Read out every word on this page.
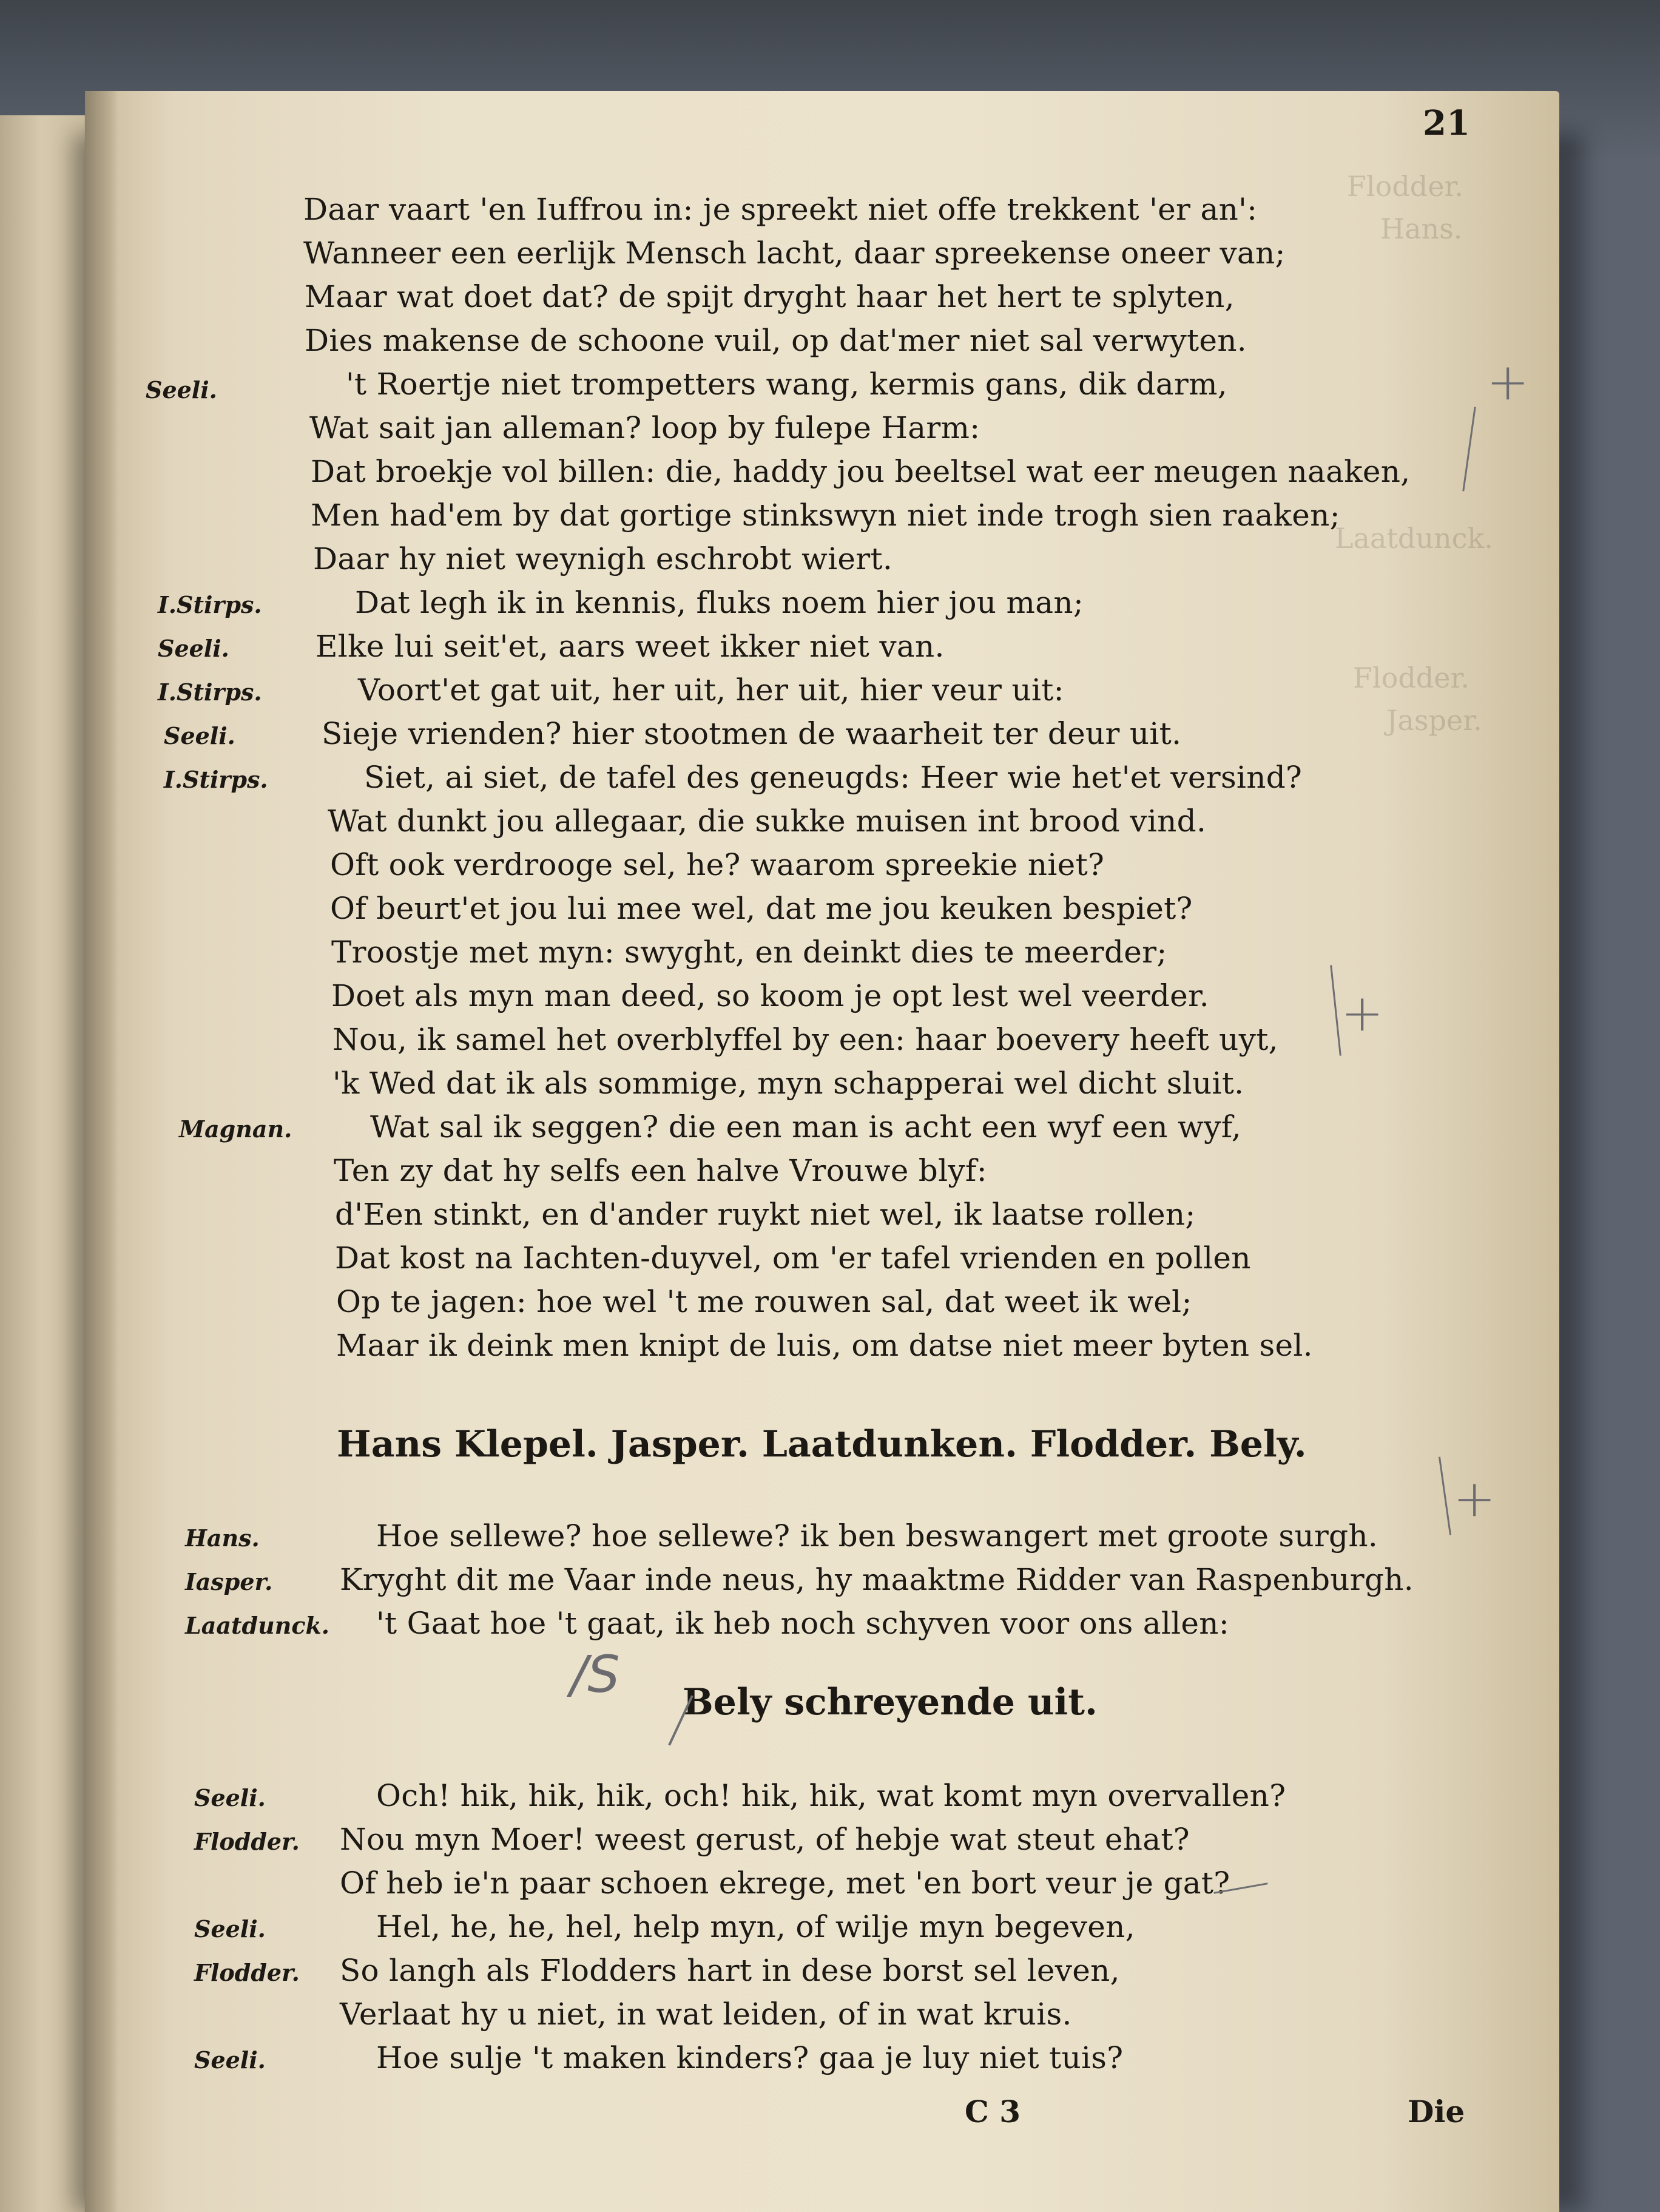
Flodder.
Hans.
Laatdunck.
Flodder.
Jasper.
21
Daar vaart 'en Iuffrou in: je spreekt niet offe trekkent 'er an':
Wanneer een eerlijk Mensch lacht, daar spreekense oneer van;
Maar wat doet dat? de spijt dryght haar het hert te splyten,
Dies makense de schoone vuil, op dat'mer niet sal verwyten.
Seeli.	't Roertje niet trompetters wang, kermis gans, dik darm,
Wat sait jan alleman? loop by fulepe Harm:
Dat broekje vol billen: die, haddy jou beeltsel wat eer meugen naaken,
Men had'em by dat gortige stinkswyn niet inde trogh sien raaken;
Daar hy niet weynigh eschrobt wiert.
I.Stirps.	Dat legh ik in kennis, fluks noem hier jou man;
Seeli.	Elke lui seit'et, aars weet ikker niet van.
I.Stirps.	Voort'et gat uit, her uit, her uit, hier veur uit:
Seeli.	Sieje vrienden? hier stootmen de waarheit ter deur uit.
I.Stirps.	Siet, ai siet, de tafel des geneugds: Heer wie het'et versind?
Wat dunkt jou allegaar, die sukke muisen int brood vind.
Oft ook verdrooge sel, he? waarom spreekie niet?
Of beurt'et jou lui mee wel, dat me jou keuken bespiet?
Troostje met myn: swyght, en deinkt dies te meerder;
Doet als myn man deed, so koom je opt lest wel veerder.
Nou, ik samel het overblyffel by een: haar boevery heeft uyt,
'k Wed dat ik als sommige, myn schapperai wel dicht sluit.
Magnan.	Wat sal ik seggen? die een man is acht een wyf een wyf,
Ten zy dat hy selfs een halve Vrouwe blyf:
d'Een stinkt, en d'ander ruykt niet wel, ik laatse rollen;
Dat kost na Iachten-duyvel, om 'er tafel vrienden en pollen
Op te jagen: hoe wel 't me rouwen sal, dat weet ik wel;
Maar ik deink men knipt de luis, om datse niet meer byten sel.
Hans Klepel. Jasper. Laatdunken. Flodder. Bely.
Hans.	Hoe sellewe? hoe sellewe? ik ben beswangert met groote surgh.
Iasper. Kryght dit me Vaar inde neus, hy maaktme Ridder van Raspenburgh.
Laatdunck. 't Gaat hoe 't gaat, ik heb noch schyven voor ons allen:
Bely schreyende uit.
Seeli.	Och! hik, hik, hik, och! hik, hik, wat komt myn overvallen?
Flodder. Nou myn Moer! weest gerust, of hebje wat steut ehat?
Of heb ie'n paar schoen ekrege, met 'en bort veur je gat?
Seeli.	Hel, he, he, hel, help myn, of wilje myn begeven,
Flodder. So langh als Flodders hart in dese borst sel leven,
Verlaat hy u niet, in wat leiden, of in wat kruis.
Seeli.	Hoe sulje 't maken kinders? gaa je luy niet tuis?
C 3	Die
+
+
+
/S
